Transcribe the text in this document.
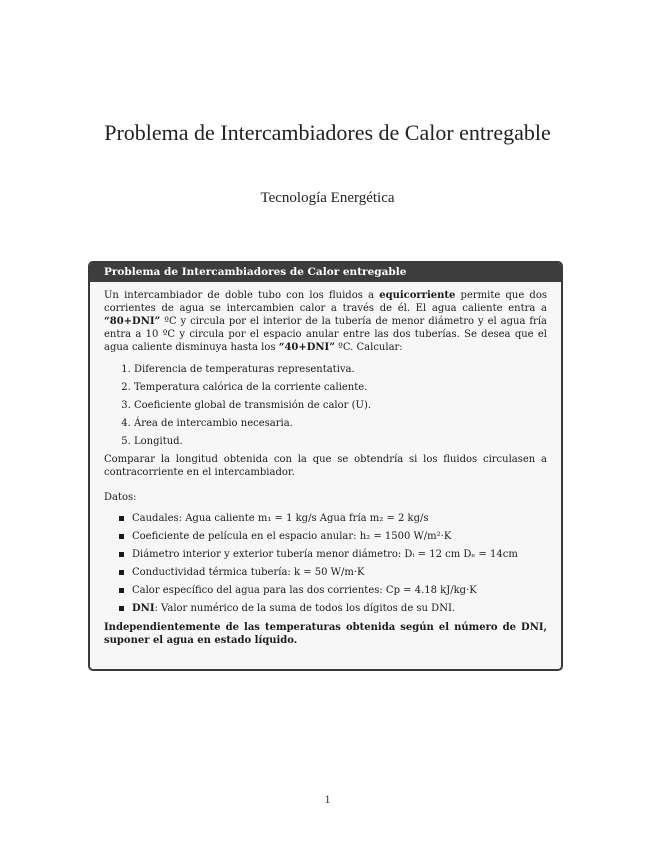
Problema de Intercambiadores de Calor entregable
Tecnología Energética
Problema de Intercambiadores de Calor entregable

Un intercambiador de doble tubo con los fluidos a equicorriente permite que dos corrientes de agua se intercambien calor a través de él. El agua caliente entra a “80+DNI” ºC y circula por el interior de la tubería de menor diámetro y el agua fría entra a 10 ºC y circula por el espacio anular entre las dos tuberías. Se desea que el agua caliente disminuya hasta los “40+DNI” ºC. Calcular:

1. Diferencia de temperaturas representativa.
2. Temperatura calórica de la corriente caliente.
3. Coeficiente global de transmisión de calor (U).
4. Área de intercambio necesaria.
5. Longitud.

Comparar la longitud obtenida con la que se obtendría si los fluidos circulasen a contracorriente en el intercambiador.

Datos:

Caudales: Agua caliente m₁ = 1 kg/s Agua fría m₂ = 2 kg/s
Coeficiente de película en el espacio anular: h₂ = 1500 W/m²·K
Diámetro interior y exterior tubería menor diámetro: Dᵢ = 12 cm Dₑ = 14cm
Conductividad térmica tubería: k = 50 W/m·K
Calor específico del agua para las dos corrientes: Cp = 4.18 kJ/kg·K
DNI: Valor numérico de la suma de todos los dígitos de su DNI.

Independientemente de las temperaturas obtenida según el número de DNI, suponer el agua en estado líquido.

1
